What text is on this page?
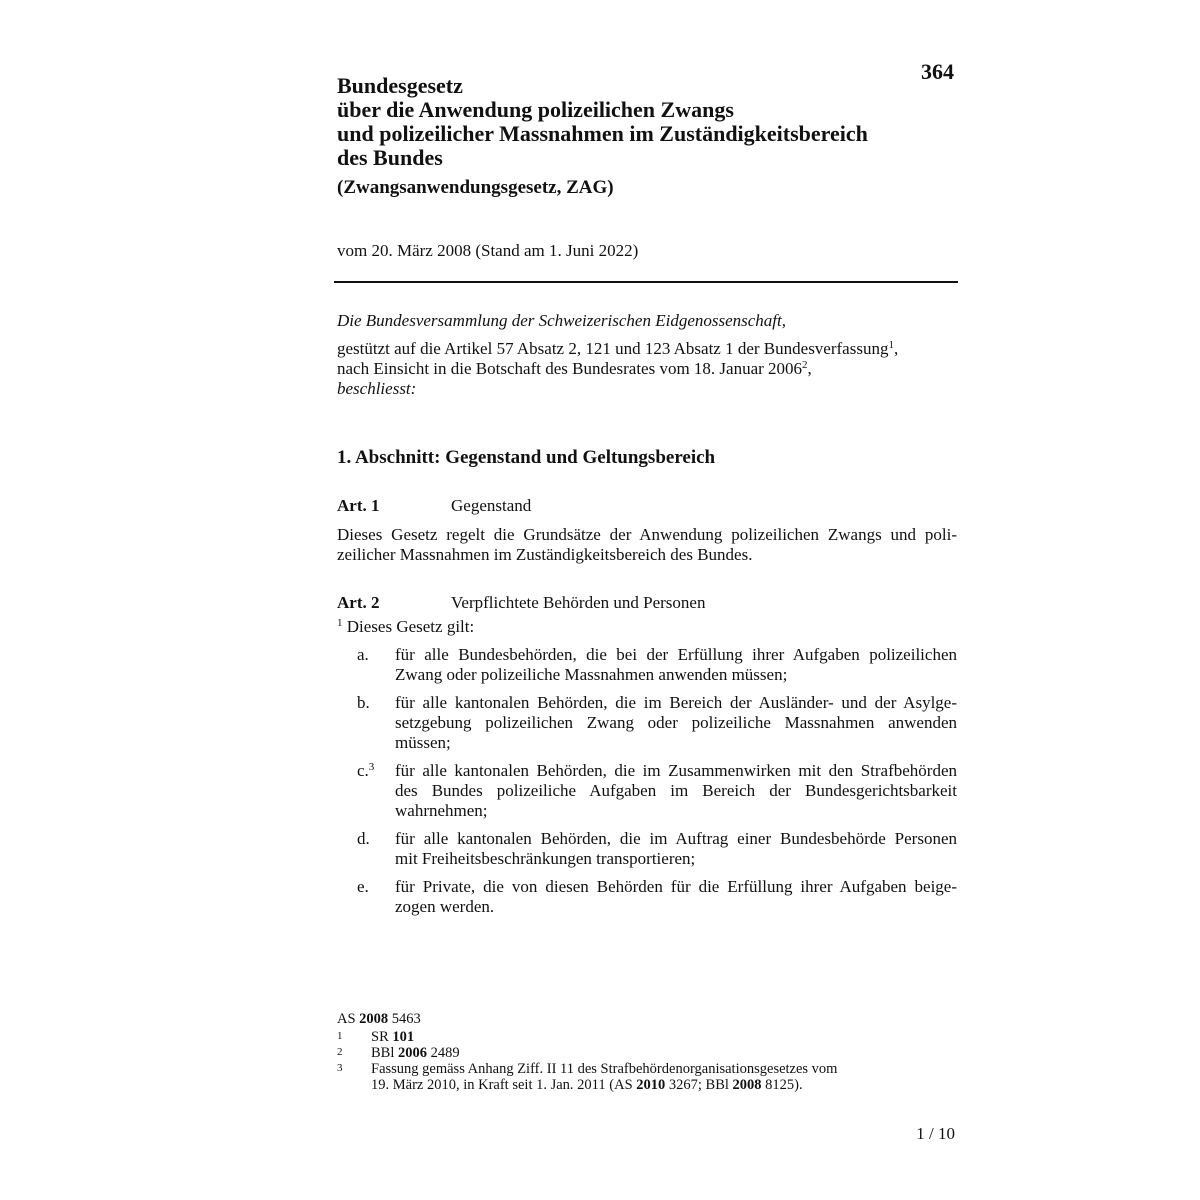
364
Bundesgesetz
über die Anwendung polizeilichen Zwangs
und polizeilicher Massnahmen im Zuständigkeitsbereich
des Bundes
(Zwangsanwendungsgesetz, ZAG)
vom 20. März 2008 (Stand am 1. Juni 2022)
Die Bundesversammlung der Schweizerischen Eidgenossenschaft,
gestützt auf die Artikel 57 Absatz 2, 121 und 123 Absatz 1 der Bundesverfassung$^1$,
nach Einsicht in die Botschaft des Bundesrates vom 18. Januar 2006$^2$,
beschliesst:
1. Abschnitt: Gegenstand und Geltungsbereich
Art. 1	Gegenstand
Dieses Gesetz regelt die Grundsätze der Anwendung polizeilichen Zwangs und poli-
zeilicher Massnahmen im Zuständigkeitsbereich des Bundes.
Art. 2	Verpflichtete Behörden und Personen
$^1$ Dieses Gesetz gilt:
a.	für alle Bundesbehörden, die bei der Erfüllung ihrer Aufgaben polizeilichen
Zwang oder polizeiliche Massnahmen anwenden müssen;
b.	für alle kantonalen Behörden, die im Bereich der Ausländer- und der Asylge-
setzgebung polizeilichen Zwang oder polizeiliche Massnahmen anwenden
müssen;
c.$^3$	für alle kantonalen Behörden, die im Zusammenwirken mit den Strafbehörden
des Bundes polizeiliche Aufgaben im Bereich der Bundesgerichtsbarkeit
wahrnehmen;
d.	für alle kantonalen Behörden, die im Auftrag einer Bundesbehörde Personen
mit Freiheitsbeschränkungen transportieren;
e.	für Private, die von diesen Behörden für die Erfüllung ihrer Aufgaben beige-
zogen werden.
AS 2008 5463
1	SR 101
2	BBl 2006 2489
3	Fassung gemäss Anhang Ziff. II 11 des Strafbehördenorganisationsgesetzes vom
19. März 2010, in Kraft seit 1. Jan. 2011 (AS 2010 3267; BBl 2008 8125).
1 / 10
